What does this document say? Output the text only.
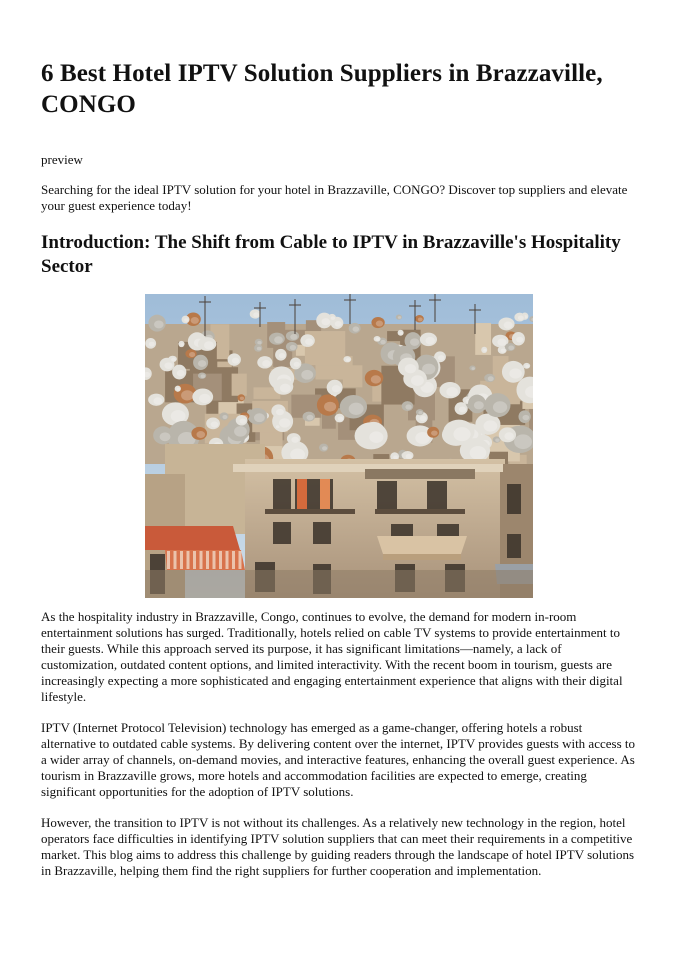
6 Best Hotel IPTV Solution Suppliers in Brazzaville, CONGO

preview

Searching for the ideal IPTV solution for your hotel in Brazzaville, CONGO? Discover top suppliers and elevate your guest experience today!

Introduction: The Shift from Cable to IPTV in Brazzaville's Hospitality Sector

As the hospitality industry in Brazzaville, Congo, continues to evolve, the demand for modern in-room entertainment solutions has surged. Traditionally, hotels relied on cable TV systems to provide entertainment to their guests. While this approach served its purpose, it has significant limitations—namely, a lack of customization, outdated content options, and limited interactivity. With the recent boom in tourism, guests are increasingly expecting a more sophisticated and engaging entertainment experience that aligns with their digital lifestyle.

IPTV (Internet Protocol Television) technology has emerged as a game-changer, offering hotels a robust alternative to outdated cable systems. By delivering content over the internet, IPTV provides guests with access to a wider array of channels, on-demand movies, and interactive features, enhancing the overall guest experience. As tourism in Brazzaville grows, more hotels and accommodation facilities are expected to emerge, creating significant opportunities for the adoption of IPTV solutions.

However, the transition to IPTV is not without its challenges. As a relatively new technology in the region, hotel operators face difficulties in identifying IPTV solution suppliers that can meet their requirements in a competitive market. This blog aims to address this challenge by guiding readers through the landscape of hotel IPTV solutions in Brazzaville, helping them find the right suppliers for further cooperation and implementation.
